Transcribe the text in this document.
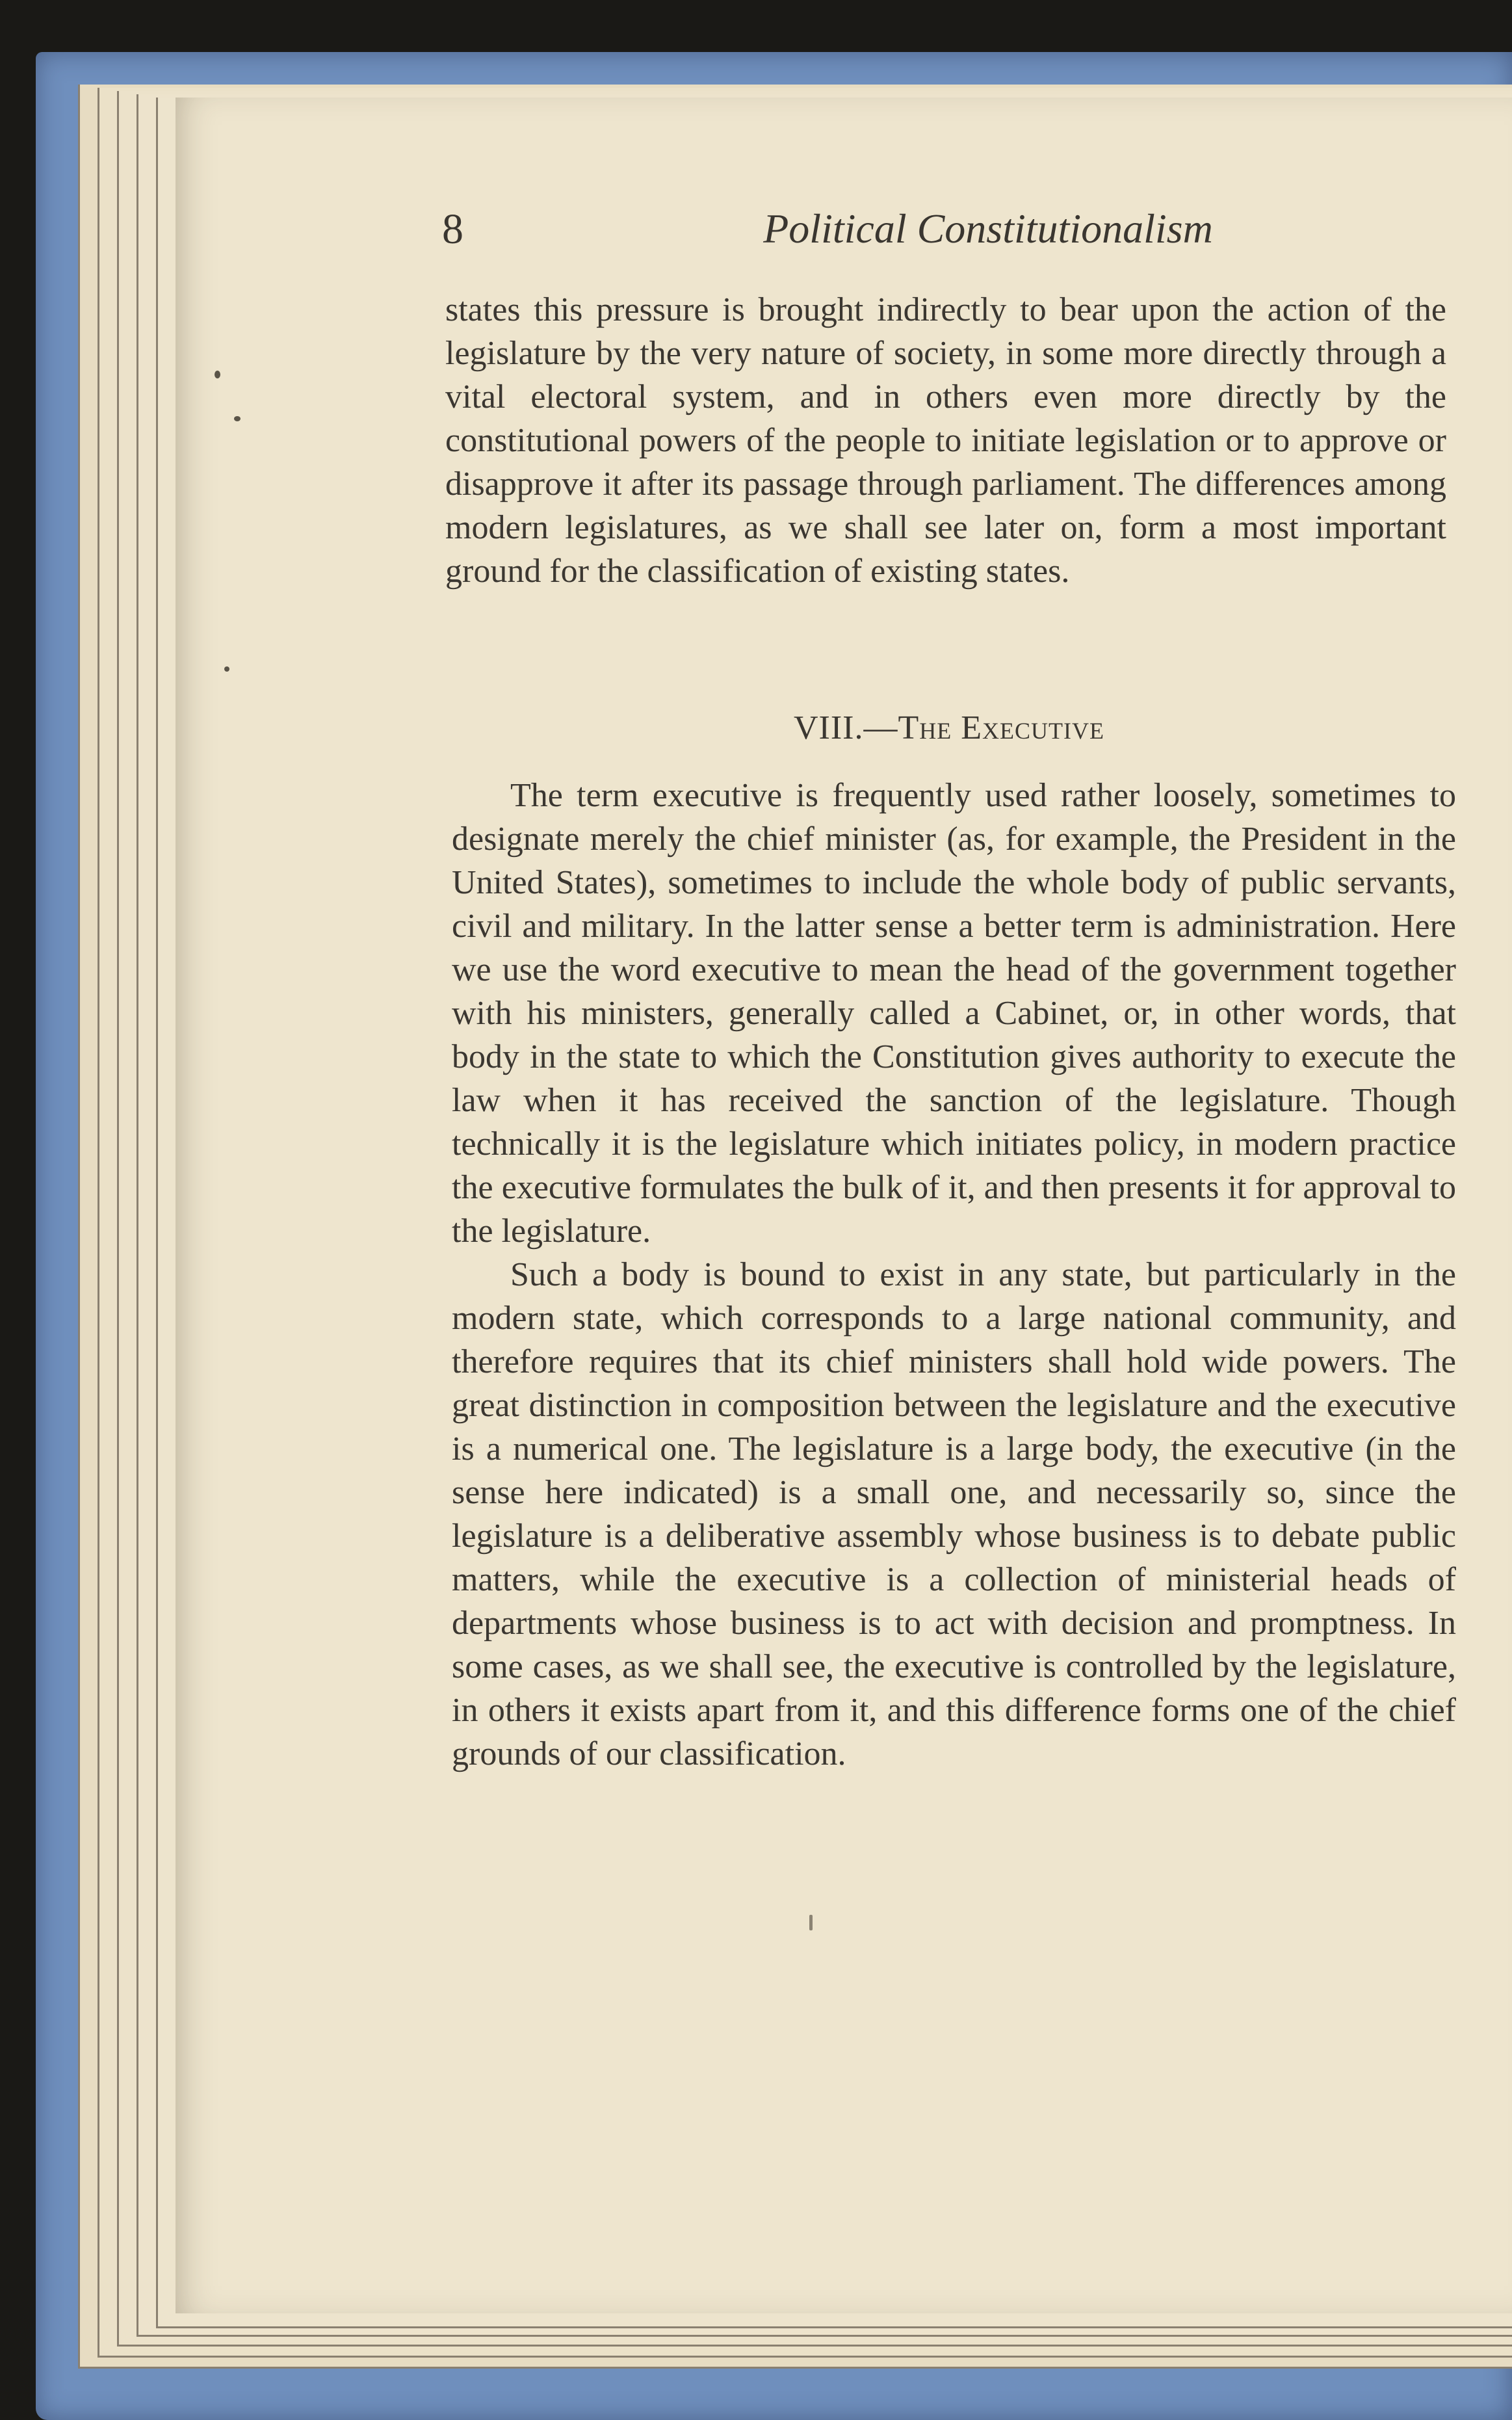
8	Political Constitutionalism

states this pressure is brought indirectly to bear upon the action of the legislature by the very nature of society, in some more directly through a vital electoral system, and in others even more directly by the constitutional powers of the people to initiate legislation or to approve or disapprove it after its passage through parliament. The differences among modern legislatures, as we shall see later on, form a most important ground for the classification of existing states.

VIII.—The Executive

The term executive is frequently used rather loosely, sometimes to designate merely the chief minister (as, for example, the President in the United States), sometimes to include the whole body of public servants, civil and military. In the latter sense a better term is administration. Here we use the word executive to mean the head of the government together with his ministers, generally called a Cabinet, or, in other words, that body in the state to which the Constitution gives authority to execute the law when it has received the sanction of the legislature. Though technically it is the legislature which initiates policy, in modern practice the executive formulates the bulk of it, and then presents it for approval to the legislature.

Such a body is bound to exist in any state, but particularly in the modern state, which corresponds to a large national community, and therefore requires that its chief ministers shall hold wide powers. The great distinction in composition between the legislature and the executive is a numerical one. The legislature is a large body, the executive (in the sense here indicated) is a small one, and necessarily so, since the legislature is a deliberative assembly whose business is to debate public matters, while the executive is a collection of ministerial heads of departments whose business is to act with decision and promptness. In some cases, as we shall see, the executive is controlled by the legislature, in others it exists apart from it, and this difference forms one of the chief grounds of our classification.
